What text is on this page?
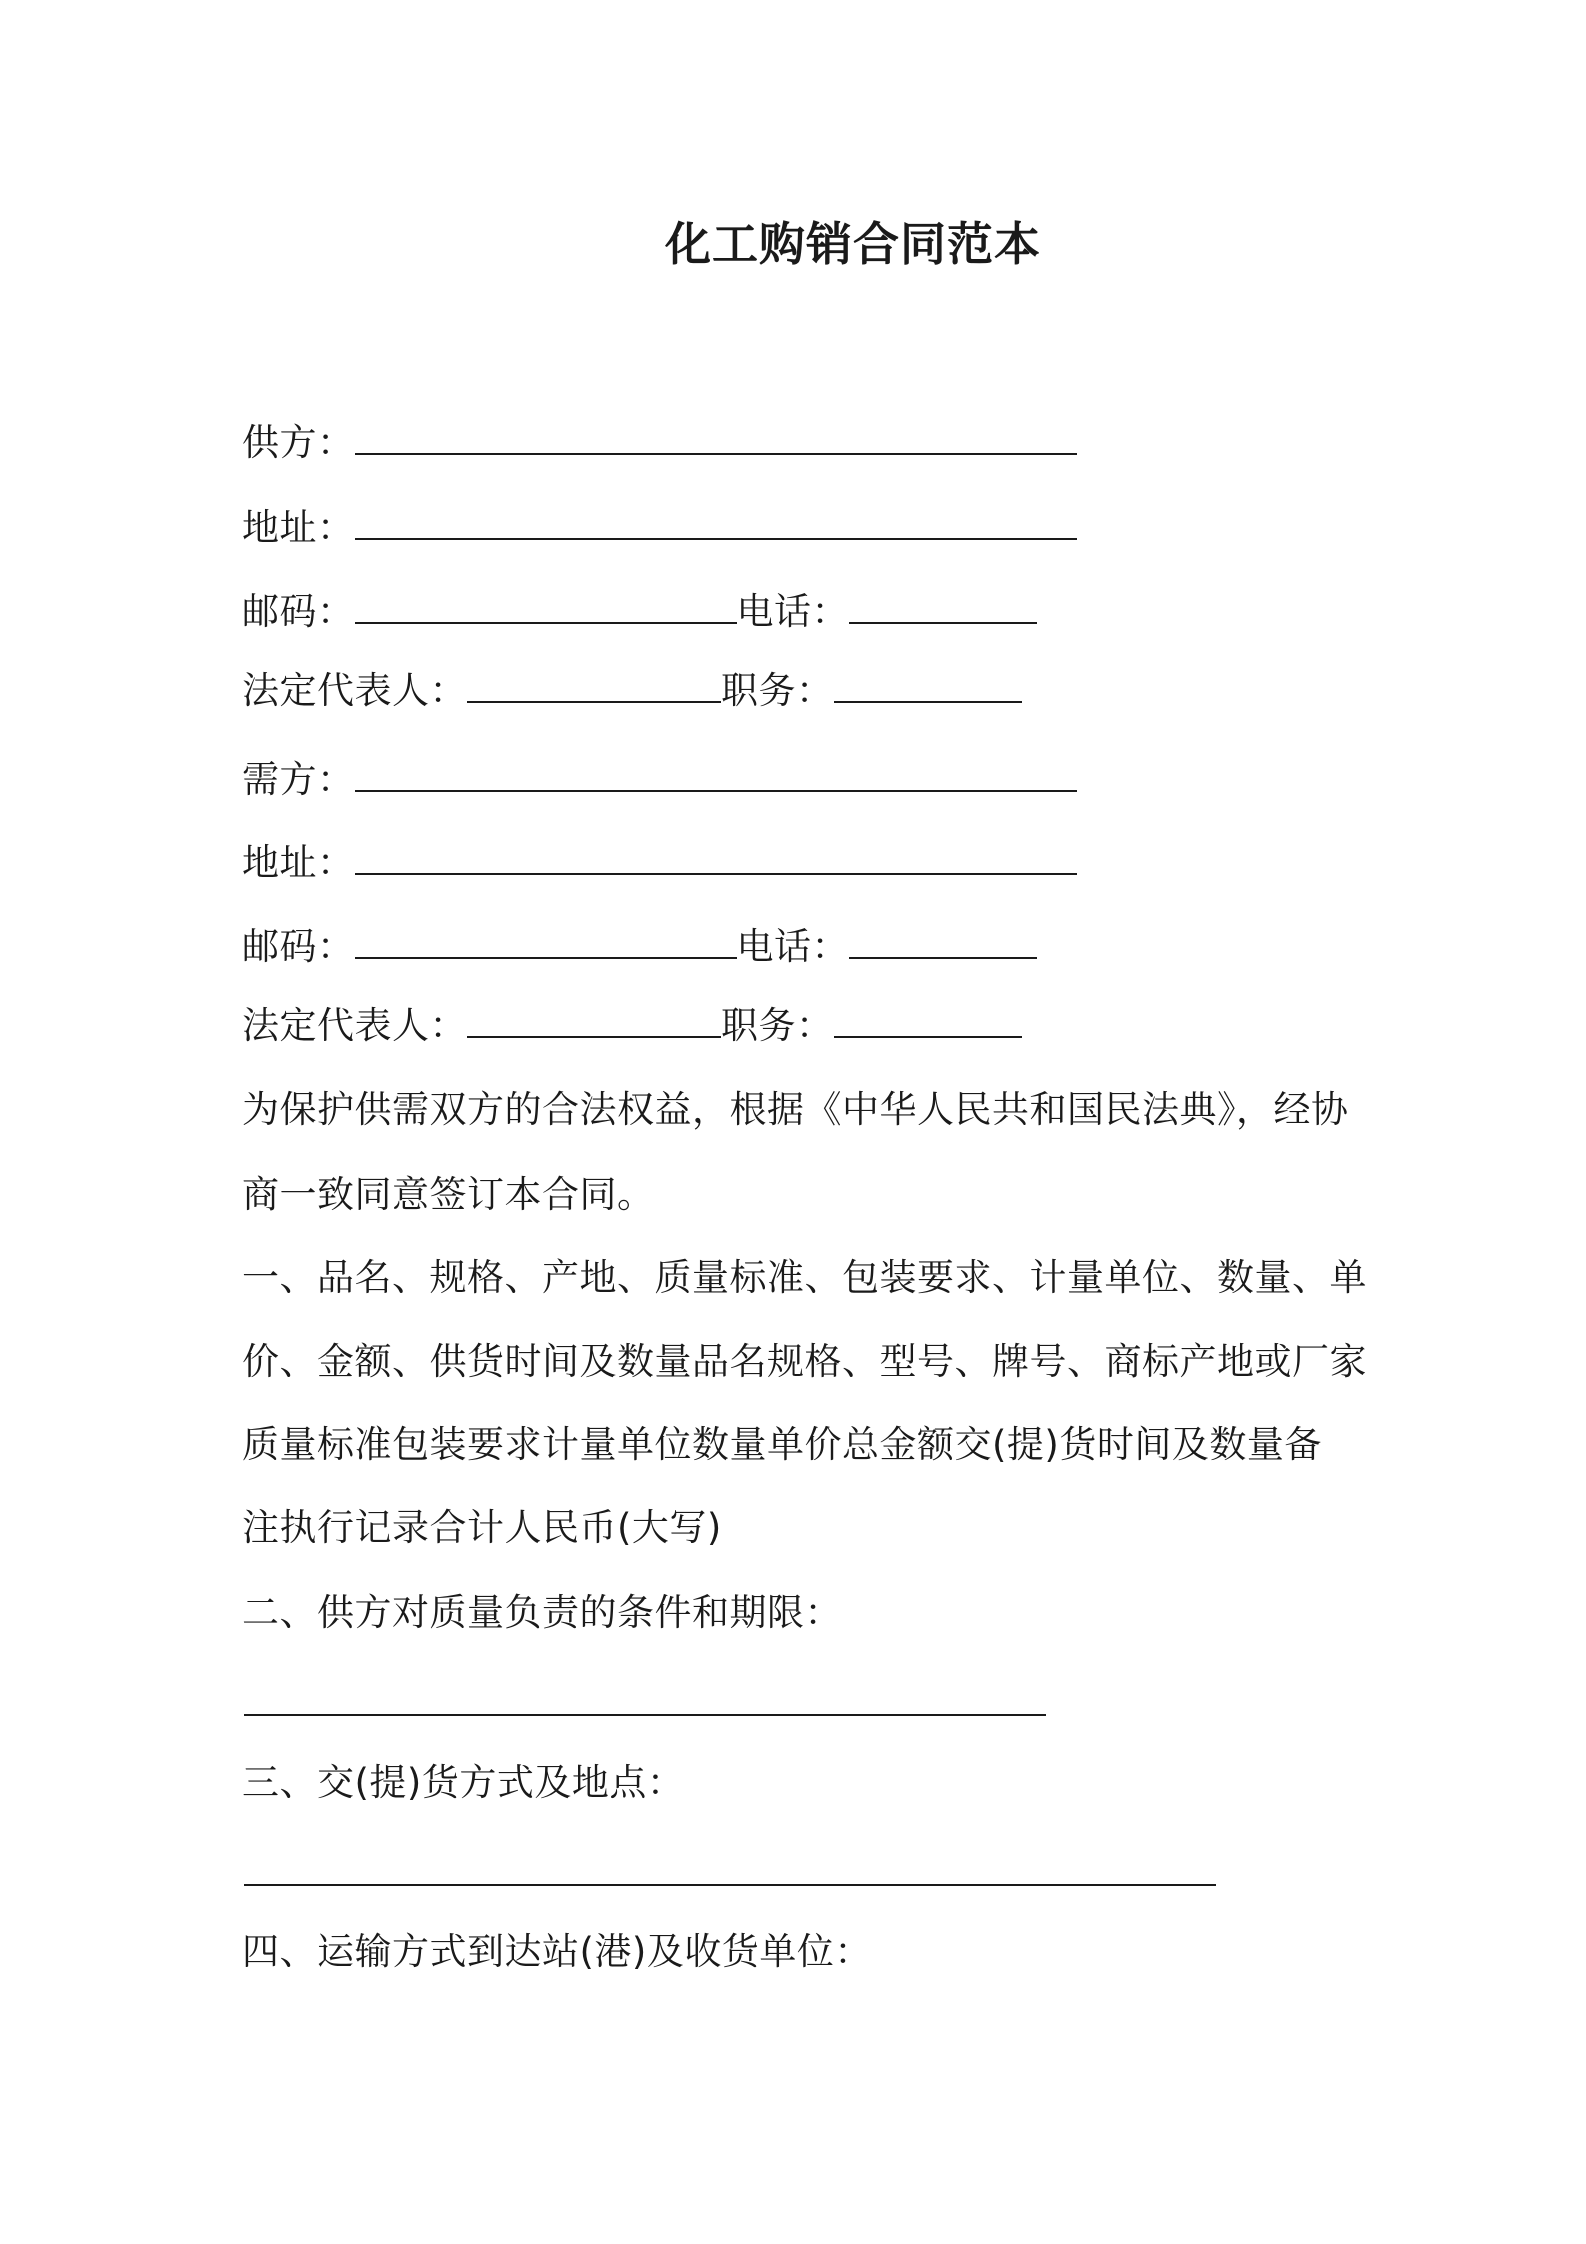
化工购销合同范本
供方：
地址：
邮码：	电话：
法定代表人：	职务：
需方：
地址：
邮码：	电话：
法定代表人：	职务：
为保护供需双方的合法权益，根据《中华人民共和国民法典》，经协
商一致同意签订本合同。
一、品名、规格、产地、质量标准、包装要求、计量单位、数量、单
价、金额、供货时间及数量品名规格、型号、牌号、商标产地或厂家
质量标准包装要求计量单位数量单价总金额交(提)货时间及数量备
注执行记录合计人民币(大写)
二、供方对质量负责的条件和期限：
三、交(提)货方式及地点：
四、运输方式到达站(港)及收货单位：
